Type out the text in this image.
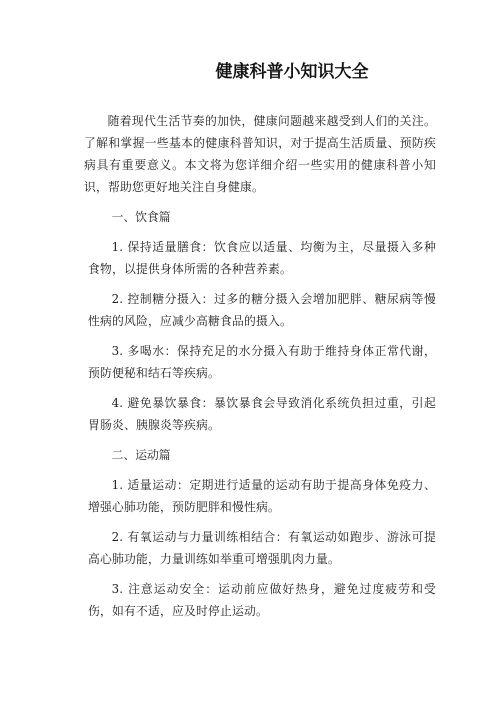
健康科普小知识大全

随着现代生活节奏的加快，健康问题越来越受到人们的关注。了解和掌握一些基本的健康科普知识，对于提高生活质量、预防疾病具有重要意义。本文将为您详细介绍一些实用的健康科普小知识，帮助您更好地关注自身健康。

一、饮食篇

1. 保持适量膳食：饮食应以适量、均衡为主，尽量摄入多种食物，以提供身体所需的各种营养素。

2. 控制糖分摄入：过多的糖分摄入会增加肥胖、糖尿病等慢性病的风险，应减少高糖食品的摄入。

3. 多喝水：保持充足的水分摄入有助于维持身体正常代谢，预防便秘和结石等疾病。

4. 避免暴饮暴食：暴饮暴食会导致消化系统负担过重，引起胃肠炎、胰腺炎等疾病。

二、运动篇

1. 适量运动：定期进行适量的运动有助于提高身体免疫力、增强心肺功能，预防肥胖和慢性病。

2. 有氧运动与力量训练相结合：有氧运动如跑步、游泳可提高心肺功能，力量训练如举重可增强肌肉力量。

3. 注意运动安全：运动前应做好热身，避免过度疲劳和受伤，如有不适，应及时停止运动。
